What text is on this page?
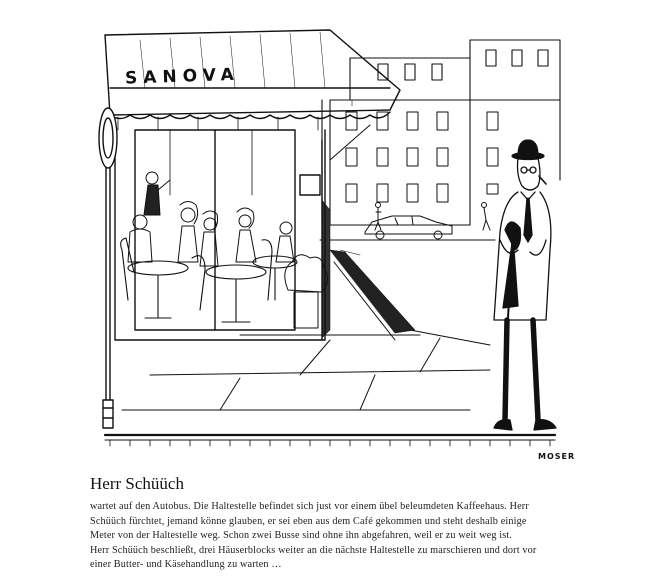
SANOVA
MOSER
Herr Schüüch
wartet auf den Autobus. Die Haltestelle befindet sich just vor einem übel beleumdeten Kaffeehaus. Herr
Schüüch fürchtet, jemand könne glauben, er sei eben aus dem Café gekommen und steht deshalb einige
Meter von der Haltestelle weg. Schon zwei Busse sind ohne ihn abgefahren, weil er zu weit weg ist.
Herr Schüüch beschließt, drei Häuserblocks weiter an die nächste Haltestelle zu marschieren und dort vor
einer Butter- und Käsehandlung zu warten …
